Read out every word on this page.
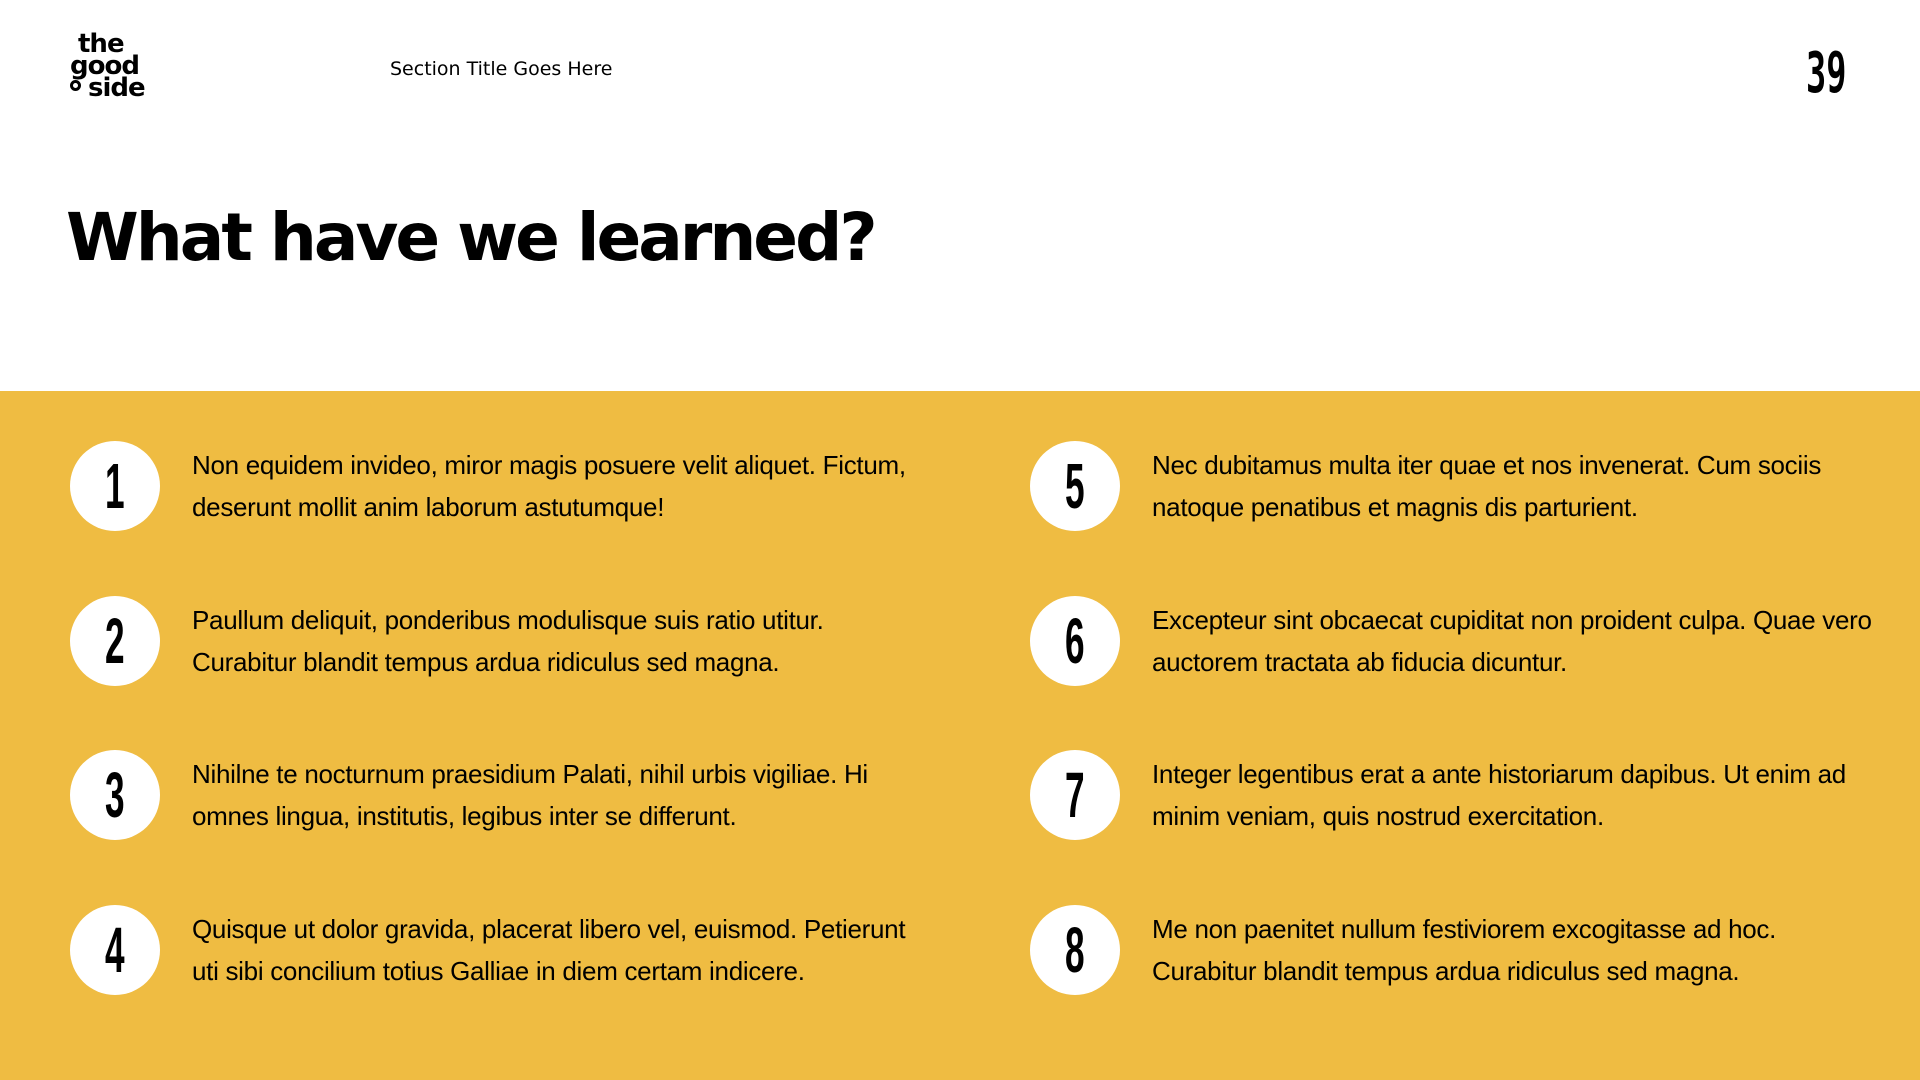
the
good
side
Section Title Goes Here	39
What have we learned?
1	Non equidem invideo, miror magis posuere velit aliquet. Fictum, deserunt mollit anim laborum astutumque!

2	Paullum deliquit, ponderibus modulisque suis ratio utitur. Curabitur blandit tempus ardua ridiculus sed magna.

3	Nihilne te nocturnum praesidium Palati, nihil urbis vigiliae. Hi omnes lingua, institutis, legibus inter se differunt.

4	Quisque ut dolor gravida, placerat libero vel, euismod. Petierunt uti sibi concilium totius Galliae in diem certam indicere.

5	Nec dubitamus multa iter quae et nos invenerat. Cum sociis natoque penatibus et magnis dis parturient.

6	Excepteur sint obcaecat cupiditat non proident culpa. Quae vero auctorem tractata ab fiducia dicuntur.

7	Integer legentibus erat a ante historiarum dapibus. Ut enim ad minim veniam, quis nostrud exercitation.

8	Me non paenitet nullum festiviorem excogitasse ad hoc. Curabitur blandit tempus ardua ridiculus sed magna.
